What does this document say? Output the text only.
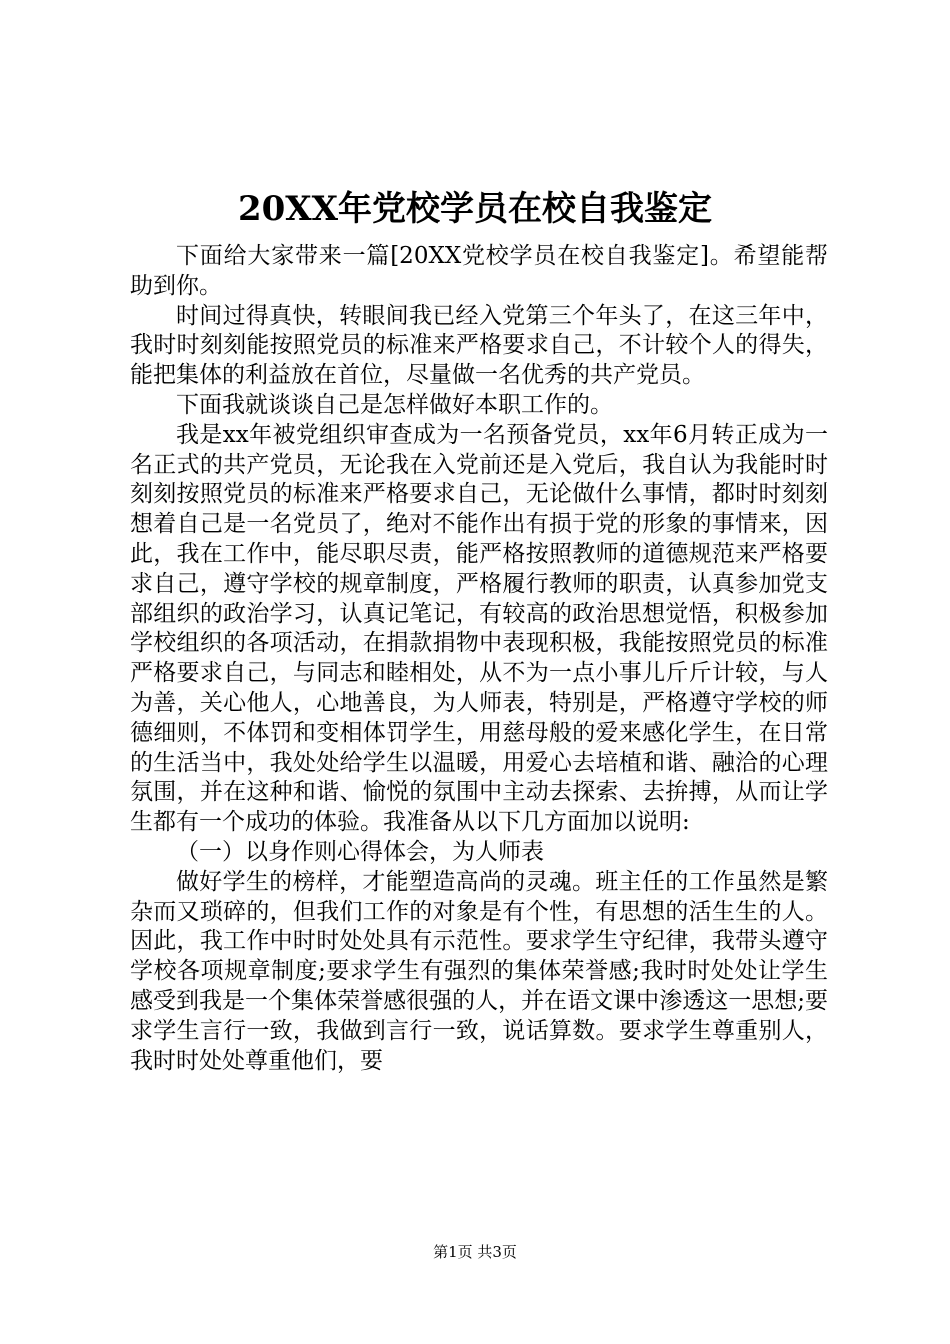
20XX年党校学员在校自我鉴定

下面给大家带来一篇[20XX党校学员在校自我鉴定]。希望能帮助到你。

时间过得真快，转眼间我已经入党第三个年头了，在这三年中，我时时刻刻能按照党员的标准来严格要求自己，不计较个人的得失，能把集体的利益放在首位，尽量做一名优秀的共产党员。

下面我就谈谈自己是怎样做好本职工作的。

我是xx年被党组织审查成为一名预备党员，xx年6月转正成为一名正式的共产党员，无论我在入党前还是入党后，我自认为我能时时刻刻按照党员的标准来严格要求自己，无论做什么事情，都时时刻刻想着自己是一名党员了，绝对不能作出有损于党的形象的事情来，因此，我在工作中，能尽职尽责，能严格按照教师的道德规范来严格要求自己，遵守学校的规章制度，严格履行教师的职责，认真参加党支部组织的政治学习，认真记笔记，有较高的政治思想觉悟，积极参加学校组织的各项活动，在捐款捐物中表现积极，我能按照党员的标准严格要求自己，与同志和睦相处，从不为一点小事儿斤斤计较，与人为善，关心他人，心地善良，为人师表，特别是，严格遵守学校的师德细则，不体罚和变相体罚学生，用慈母般的爱来感化学生，在日常的生活当中，我处处给学生以温暖，用爱心去培植和谐、融洽的心理氛围，并在这种和谐、愉悦的氛围中主动去探索、去拚搏，从而让学生都有一个成功的体验。我准备从以下几方面加以说明:

（一）以身作则心得体会，为人师表

做好学生的榜样，才能塑造高尚的灵魂。班主任的工作虽然是繁杂而又琐碎的，但我们工作的对象是有个性，有思想的活生生的人。因此，我工作中时时处处具有示范性。要求学生守纪律，我带头遵守学校各项规章制度;要求学生有强烈的集体荣誉感;我时时处处让学生感受到我是一个集体荣誉感很强的人，并在语文课中渗透这一思想;要求学生言行一致，我做到言行一致，说话算数。要求学生尊重别人，我时时处处尊重他们，要

第1页 共3页
